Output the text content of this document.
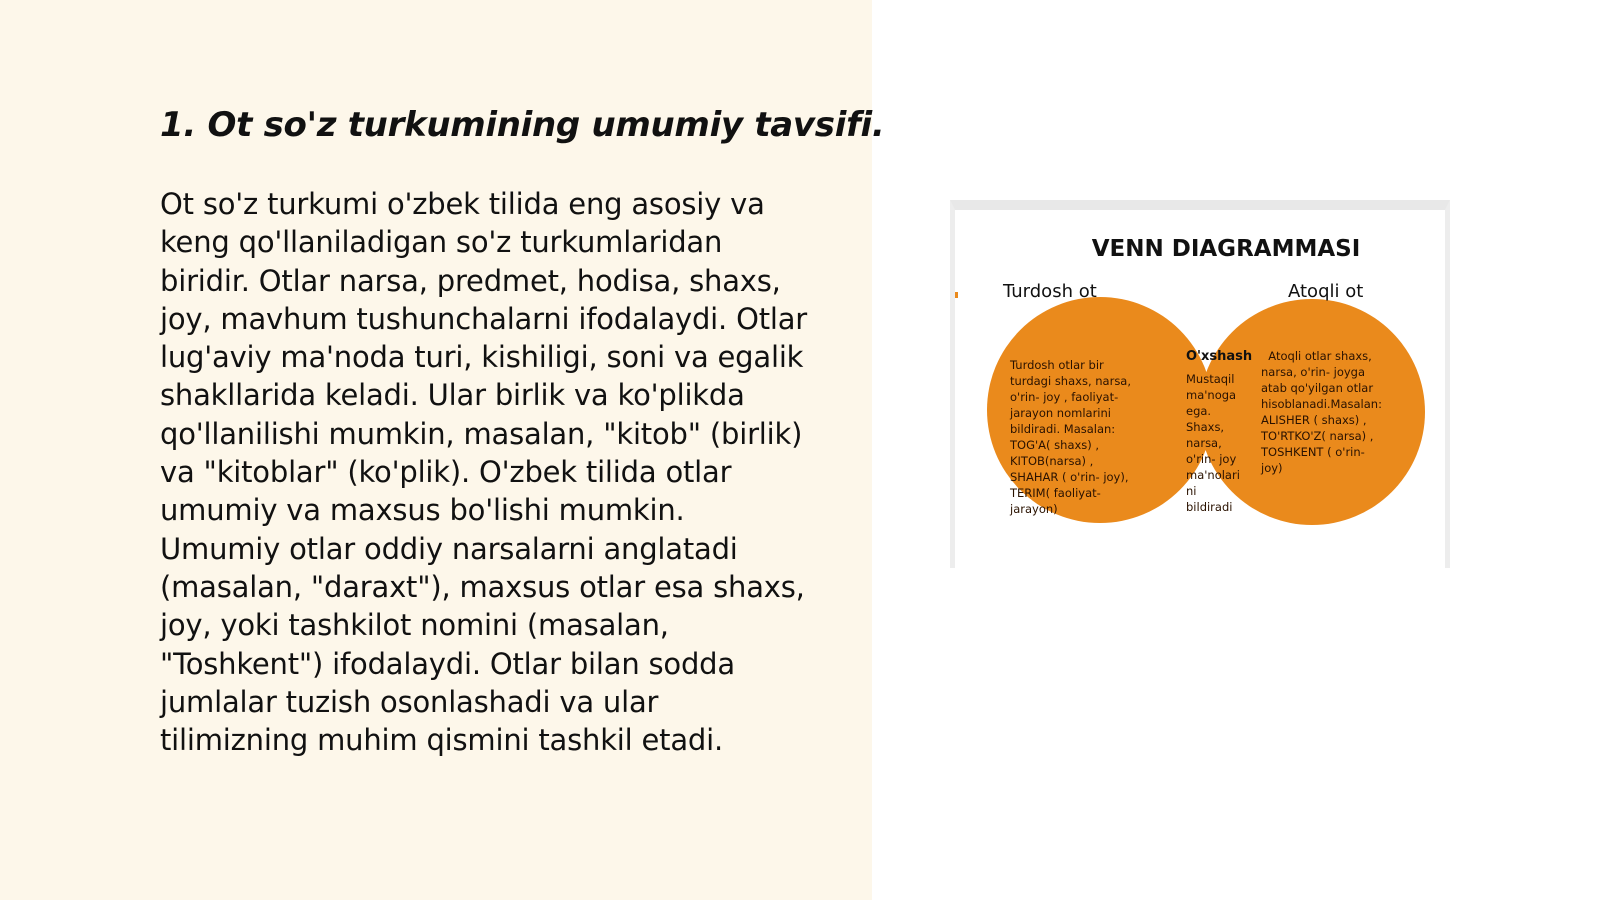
1. Ot so'z turkumining umumiy tavsifi.

Ot so'z turkumi o'zbek tilida eng asosiy va
keng qo'llaniladigan so'z turkumlaridan
biridir. Otlar narsa, predmet, hodisa, shaxs,
joy, mavhum tushunchalarni ifodalaydi. Otlar
lug'aviy ma'noda turi, kishiligi, soni va egalik
shakllarida keladi. Ular birlik va ko'plikda
qo'llanilishi mumkin, masalan, "kitob" (birlik)
va "kitoblar" (ko'plik). O'zbek tilida otlar
umumiy va maxsus bo'lishi mumkin.
Umumiy otlar oddiy narsalarni anglatadi
(masalan, "daraxt"), maxsus otlar esa shaxs,
joy, yoki tashkilot nomini (masalan,
"Toshkent") ifodalaydi. Otlar bilan sodda
jumlalar tuzish osonlashadi va ular
tilimizning muhim qismini tashkil etadi.

VENN DIAGRAMMASI
Turdosh ot	Atoqli ot
Turdosh otlar bir
turdagi shaxs, narsa,
o'rin- joy , faoliyat-
jarayon nomlarini
bildiradi. Masalan:
TOG'A( shaxs) ,
KITOB(narsa) ,
SHAHAR ( o'rin- joy),
TERIM( faoliyat-
jarayon)
O'xshash
Mustaqil
ma'noga
ega.
Shaxs,
narsa,
o'rin- joy
ma'nolari
ni
bildiradi
Atoqli otlar shaxs,
narsa, o'rin- joyga
atab qo'yilgan otlar
hisoblanadi.Masalan:
ALISHER ( shaxs) ,
TO'RTKO'Z( narsa) ,
TOSHKENT ( o'rin-
joy)
